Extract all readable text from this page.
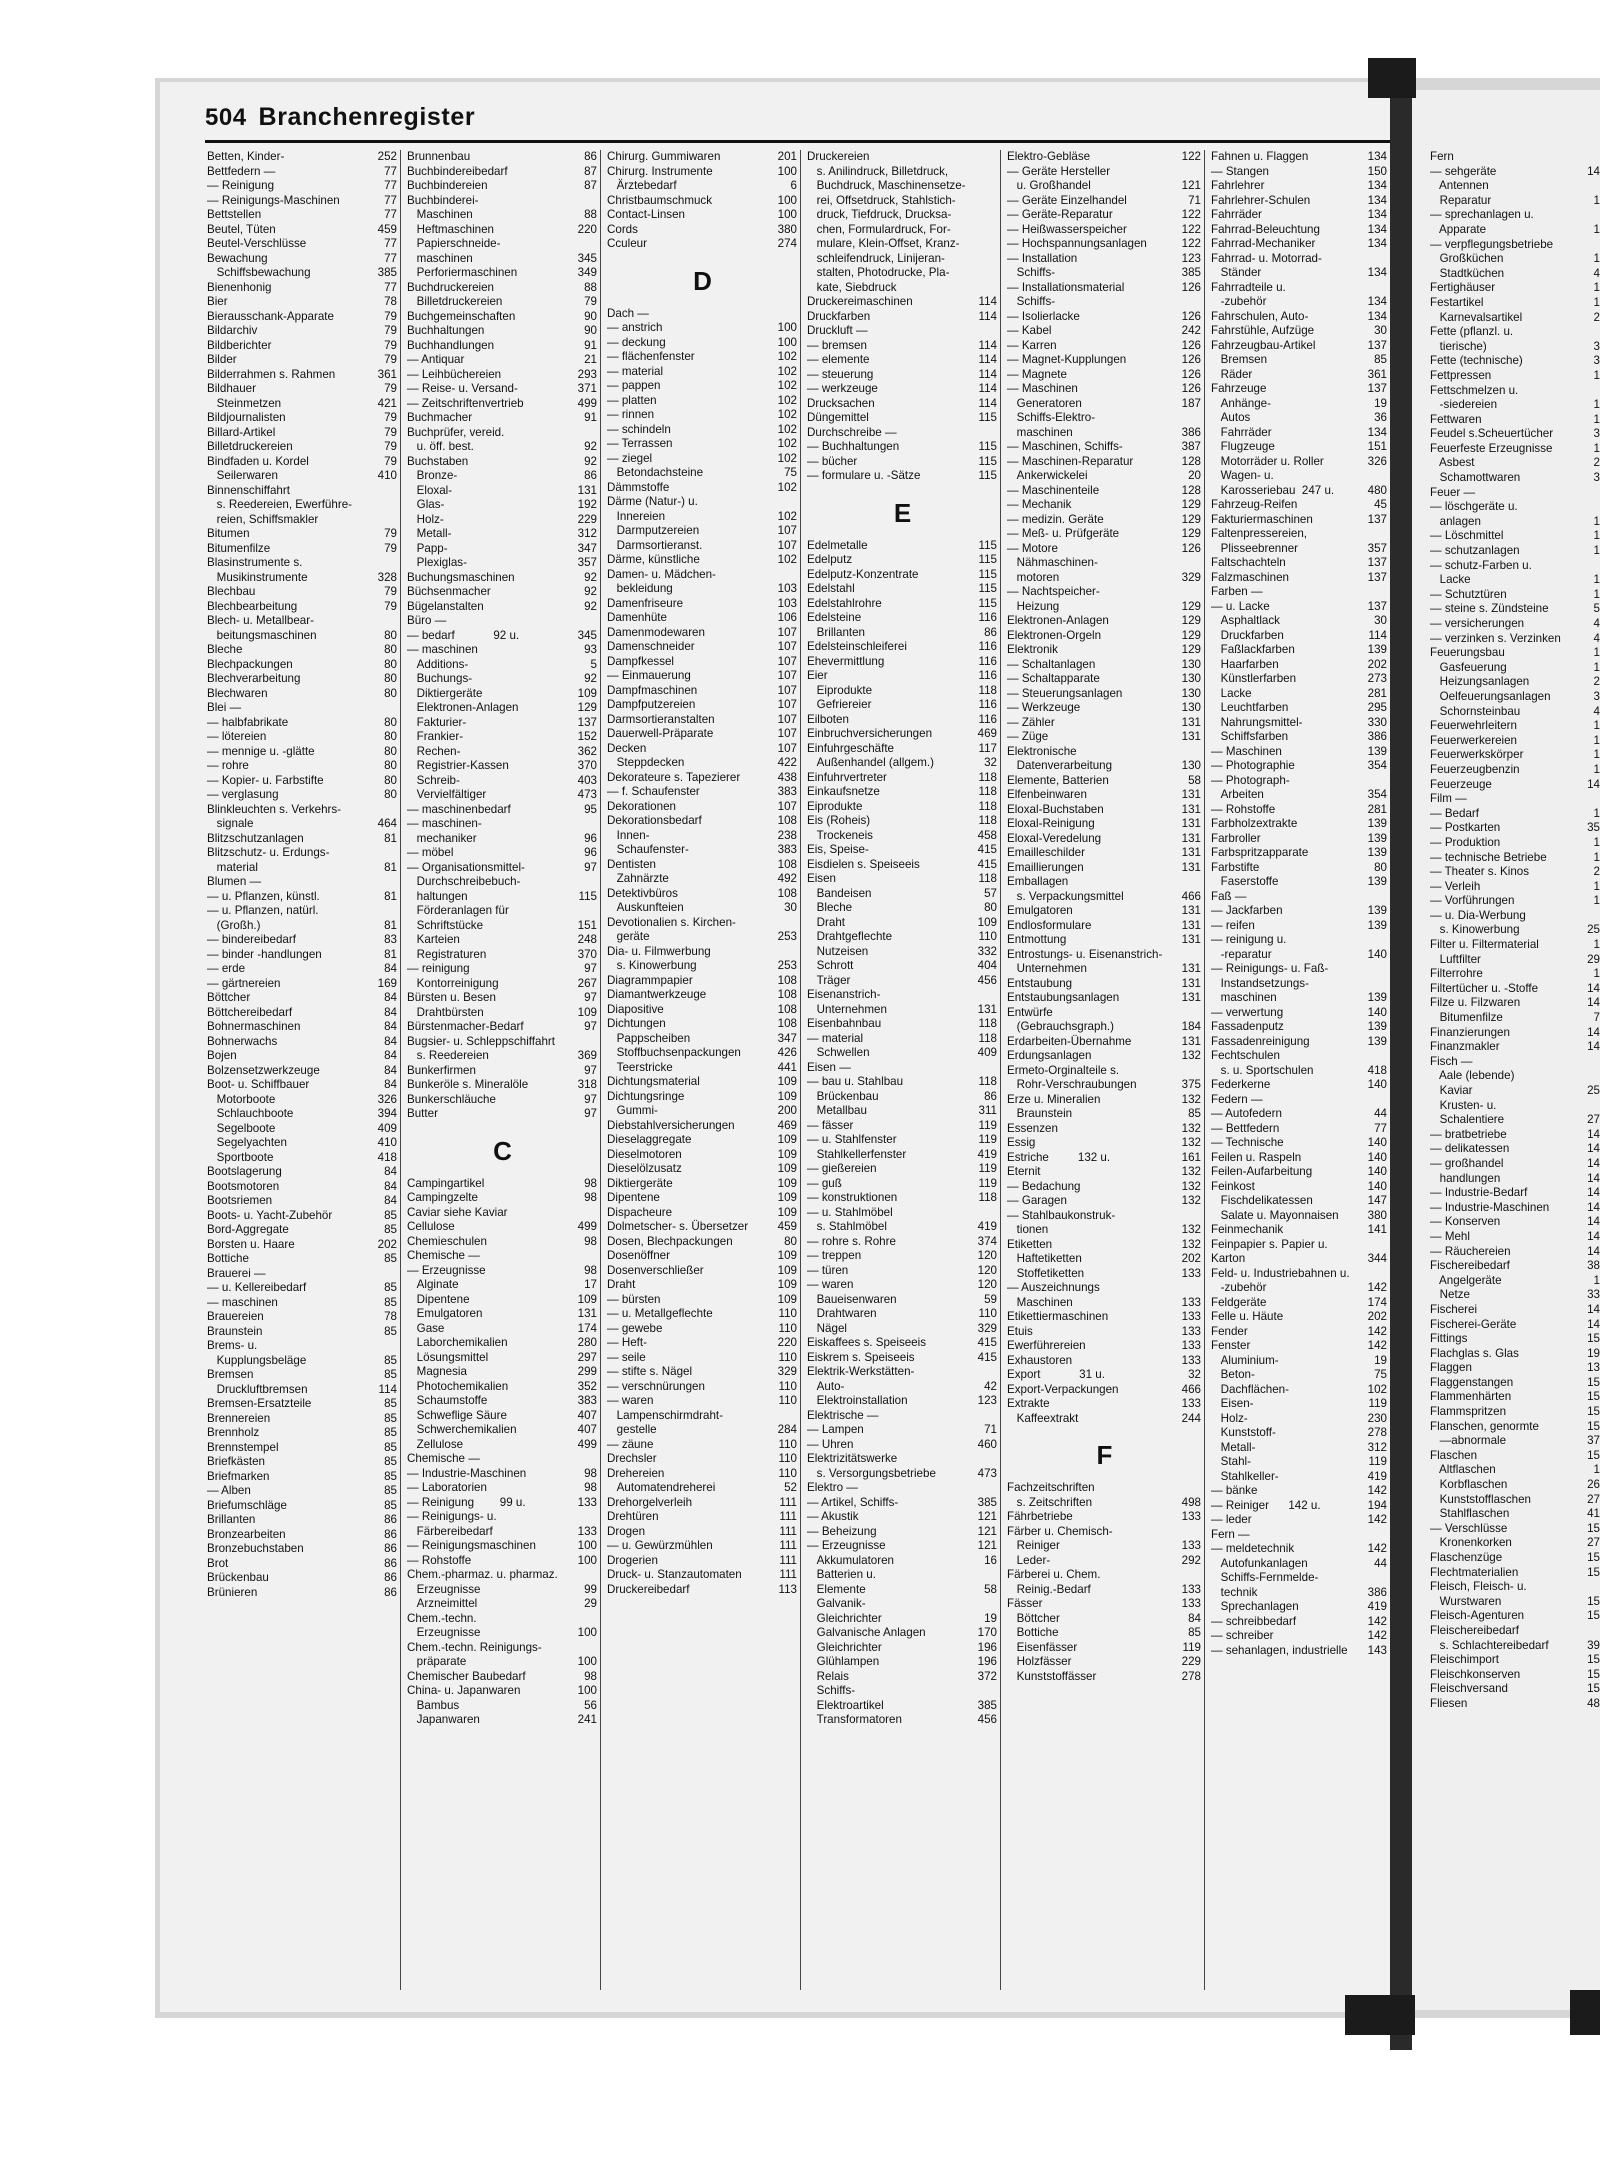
504 Branchenregister
Betten, Kinder-	252
Bettfedern —	77
— Reinigung	77
— Reinigungs-Maschinen	77
Bettstellen	77
Beutel, Tüten	459
Beutel-Verschlüsse	77
Bewachung	77
Schiffsbewachung	385
Bienenhonig	77
Bier	78
Bierausschank-Apparate	79
Bildarchiv	79
Bildberichter	79
Bilder	79
Bilderrahmen s. Rahmen	361
Bildhauer	79
Steinmetzen	421
Bildjournalisten	79
Billard-Artikel	79
Billetdruckereien	79
Bindfaden u. Kordel	79
Seilerwaren	410
Binnenschiffahrt
s. Reedereien, Ewerführe-
reien, Schiffsmakler
Bitumen	79
Bitumenfilze	79
Blasinstrumente s.
Musikinstrumente	328
Blechbau	79
Blechbearbeitung	79
Blech- u. Metallbear-
beitungsmaschinen	80
Bleche	80
Blechpackungen	80
Blechverarbeitung	80
Blechwaren	80
Blei —
— halbfabrikate	80
— lötereien	80
— mennige u. -glätte	80
— rohre	80
— Kopier- u. Farbstifte	80
— verglasung	80
Blinkleuchten s. Verkehrs-
signale	464
Blitzschutzanlagen	81
Blitzschutz- u. Erdungs-
material	81
Blumen —
— u. Pflanzen, künstl.	81
— u. Pflanzen, natürl.
(Großh.)	81
— bindereibedarf	83
— binder -handlungen	81
— erde	84
— gärtnereien	169
Böttcher	84
Böttchereibedarf	84
Bohnermaschinen	84
Bohnerwachs	84
Bojen	84
Bolzensetzwerkzeuge	84
Boot- u. Schiffbauer	84
Motorboote	326
Schlauchboote	394
Segelboote	409
Segelyachten	410
Sportboote	418
Bootslagerung	84
Bootsmotoren	84
Bootsriemen	84
Boots- u. Yacht-Zubehör	85
Bord-Aggregate	85
Borsten u. Haare	202
Bottiche	85
Brauerei —
— u. Kellereibedarf	85
— maschinen	85
Brauereien	78
Braunstein	85
Brems- u.
Kupplungsbeläge	85
Bremsen	85
Druckluftbremsen	114
Bremsen-Ersatzteile	85
Brennereien	85
Brennholz	85
Brennstempel	85
Briefkästen	85
Briefmarken	85
— Alben	85
Briefumschläge	85
Brillanten	86
Bronzearbeiten	86
Bronzebuchstaben	86
Brot	86
Brückenbau	86
Brünieren	86
Brunnenbau	86
Buchbindereibedarf	87
Buchbindereien	87
Buchbinderei-
Maschinen	88
Heftmaschinen	220
Papierschneide-
maschinen	345
Perforiermaschinen	349
Buchdruckereien	88
Billetdruckereien	79
Buchgemeinschaften	90
Buchhaltungen	90
Buchhandlungen	91
— Antiquar	21
— Leihbüchereien	293
— Reise- u. Versand-	371
— Zeitschriftenvertrieb	499
Buchmacher	91
Buchprüfer, vereid.
u. öff. best.	92
Buchstaben	92
Bronze-	86
Eloxal-	131
Glas-	192
Holz-	229
Metall-	312
Papp-	347
Plexiglas-	357
Buchungsmaschinen	92
Büchsenmacher	92
Bügelanstalten	92
Büro —
— bedarf            92 u.	345
— maschinen	93
Additions-	5
Buchungs-	92
Diktiergeräte	109
Elektronen-Anlagen	129
Fakturier-	137
Frankier-	152
Rechen-	362
Registrier-Kassen	370
Schreib-	403
Vervielfältiger	473
— maschinenbedarf	95
— maschinen-
mechaniker	96
— möbel	96
— Organisationsmittel-	97
Durchschreibebuch-
haltungen	115
Förderanlagen für
Schriftstücke	151
Karteien	248
Registraturen	370
— reinigung	97
Kontorreinigung	267
Bürsten u. Besen	97
Drahtbürsten	109
Bürstenmacher-Bedarf	97
Bugsier- u. Schleppschiffahrt
s. Reedereien	369
Bunkerfirmen	97
Bunkeröle s. Mineralöle	318
Bunkerschläuche	97
Butter	97
C
Campingartikel	98
Campingzelte	98
Caviar siehe Kaviar
Cellulose	499
Chemieschulen	98
Chemische —
— Erzeugnisse	98
Alginate	17
Dipentene	109
Emulgatoren	131
Gase	174
Laborchemikalien	280
Lösungsmittel	297
Magnesia	299
Photochemikalien	352
Schaumstoffe	383
Schweflige Säure	407
Schwerchemikalien	407
Zellulose	499
Chemische —
— Industrie-Maschinen	98
— Laboratorien	98
— Reinigung        99 u.	133
— Reinigungs- u.
Färbereibedarf	133
— Reinigungsmaschinen	100
— Rohstoffe	100
Chem.-pharmaz. u. pharmaz.
Erzeugnisse	99
Arzneimittel	29
Chem.-techn.
Erzeugnisse	100
Chem.-techn. Reinigungs-
präparate	100
Chemischer Baubedarf	98
China- u. Japanwaren	100
Bambus	56
Japanwaren	241
Chirurg. Gummiwaren	201
Chirurg. Instrumente	100
Ärztebedarf	6
Christbaumschmuck	100
Contact-Linsen	100
Cords	380
Cculeur	274
D
Dach —
— anstrich	100
— deckung	100
— flächenfenster	102
— material	102
— pappen	102
— platten	102
— rinnen	102
— schindeln	102
— Terrassen	102
— ziegel	102
Betondachsteine	75
Dämmstoffe	102
Därme (Natur-) u.
Innereien	102
Darmputzereien	107
Darmsortieranst.	107
Därme, künstliche	102
Damen- u. Mädchen-
bekleidung	103
Damenfriseure	103
Damenhüte	106
Damenmodewaren	107
Damenschneider	107
Dampfkessel	107
— Einmauerung	107
Dampfmaschinen	107
Dampfputzereien	107
Darmsortieranstalten	107
Dauerwell-Präparate	107
Decken	107
Steppdecken	422
Dekorateure s. Tapezierer	438
— f. Schaufenster	383
Dekorationen	107
Dekorationsbedarf	108
Innen-	238
Schaufenster-	383
Dentisten	108
Zahnärzte	492
Detektivbüros	108
Auskunfteien	30
Devotionalien s. Kirchen-
geräte	253
Dia- u. Filmwerbung
s. Kinowerbung	253
Diagrammpapier	108
Diamantwerkzeuge	108
Diapositive	108
Dichtungen	108
Pappscheiben	347
Stoffbuchsenpackungen	426
Teerstricke	441
Dichtungsmaterial	109
Dichtungsringe	109
Gummi-	200
Diebstahlversicherungen	469
Dieselaggregate	109
Dieselmotoren	109
Dieselölzusatz	109
Diktiergeräte	109
Dipentene	109
Dispacheure	109
Dolmetscher- s. Übersetzer	459
Dosen, Blechpackungen	80
Dosenöffner	109
Dosenverschließer	109
Draht	109
— bürsten	109
— u. Metallgeflechte	110
— gewebe	110
— Heft-	220
— seile	110
— stifte s. Nägel	329
— verschnürungen	110
— waren	110
Lampenschirmdraht-
gestelle	284
— zäune	110
Drechsler	110
Drehereien	110
Automatendreherei	52
Drehorgelverleih	111
Drehtüren	111
Drogen	111
— u. Gewürzmühlen	111
Drogerien	111
Druck- u. Stanzautomaten	111
Druckereibedarf	113
Druckereien
s. Anilindruck, Billetdruck,
Buchdruck, Maschinensetze-
rei, Offsetdruck, Stahlstich-
druck, Tiefdruck, Drucksa-
chen, Formulardruck, For-
mulare, Klein-Offset, Kranz-
schleifendruck, Linijeran-
stalten, Photodrucke, Pla-
kate, Siebdruck
Druckereimaschinen	114
Druckfarben	114
Druckluft —
— bremsen	114
— elemente	114
— steuerung	114
— werkzeuge	114
Drucksachen	114
Düngemittel	115
Durchschreibe —
— Buchhaltungen	115
— bücher	115
— formulare u. -Sätze	115
E
Edelmetalle	115
Edelputz	115
Edelputz-Konzentrate	115
Edelstahl	115
Edelstahlrohre	115
Edelsteine	116
Brillanten	86
Edelsteinschleiferei	116
Ehevermittlung	116
Eier	116
Eiprodukte	118
Gefriereier	116
Eilboten	116
Einbruchversicherungen	469
Einfuhrgeschäfte	117
Außenhandel (allgem.)	32
Einfuhrvertreter	118
Einkaufsnetze	118
Eiprodukte	118
Eis (Roheis)	118
Trockeneis	458
Eis, Speise-	415
Eisdielen s. Speiseeis	415
Eisen	118
Bandeisen	57
Bleche	80
Draht	109
Drahtgeflechte	110
Nutzeisen	332
Schrott	404
Träger	456
Eisenanstrich-
Unternehmen	131
Eisenbahnbau	118
— material	118
Schwellen	409
Eisen —
— bau u. Stahlbau	118
Brückenbau	86
Metallbau	311
— fässer	119
— u. Stahlfenster	119
Stahlkellerfenster	419
— gießereien	119
— guß	119
— konstruktionen	118
— u. Stahlmöbel
s. Stahlmöbel	419
— rohre s. Rohre	374
— treppen	120
— türen	120
— waren	120
Baueisenwaren	59
Drahtwaren	110
Nägel	329
Eiskaffees s. Speiseeis	415
Eiskrem s. Speiseeis	415
Elektrik-Werkstätten-
Auto-	42
Elektroinstallation	123
Elektrische —
— Lampen	71
— Uhren	460
Elektrizitätswerke
s. Versorgungsbetriebe	473
Elektro —
— Artikel, Schiffs-	385
— Akustik	121
— Beheizung	121
— Erzeugnisse	121
Akkumulatoren	16
Batterien u.
Elemente	58
Galvanik-
Gleichrichter	19
Galvanische Anlagen	170
Gleichrichter	196
Glühlampen	196
Relais	372
Schiffs-
Elektroartikel	385
Transformatoren	456
Elektro-Gebläse	122
— Geräte Hersteller
u. Großhandel	121
— Geräte Einzelhandel	71
— Geräte-Reparatur	122
— Heißwasserspeicher	122
— Hochspannungsanlagen	122
— Installation	123
Schiffs-	385
— Installationsmaterial	126
Schiffs-
— Isolierlacke	126
— Kabel	242
— Karren	126
— Magnet-Kupplungen	126
— Magnete	126
— Maschinen	126
Generatoren	187
Schiffs-Elektro-
maschinen	386
— Maschinen, Schiffs-	387
— Maschinen-Reparatur	128
Ankerwickelei	20
— Maschinenteile	128
— Mechanik	129
— medizin. Geräte	129
— Meß- u. Prüfgeräte	129
— Motore	126
Nähmaschinen-
motoren	329
— Nachtspeicher-
Heizung	129
Elektronen-Anlagen	129
Elektronen-Orgeln	129
Elektronik	129
— Schaltanlagen	130
— Schaltapparate	130
— Steuerungsanlagen	130
— Werkzeuge	130
— Zähler	131
— Züge	131
Elektronische
Datenverarbeitung	130
Elemente, Batterien	58
Elfenbeinwaren	131
Eloxal-Buchstaben	131
Eloxal-Reinigung	131
Eloxal-Veredelung	131
Emailleschilder	131
Emaillierungen	131
Emballagen
s. Verpackungsmittel	466
Emulgatoren	131
Endlosformulare	131
Entmottung	131
Entrostungs- u. Eisenanstrich-
Unternehmen	131
Entstaubung	131
Entstaubungsanlagen	131
Entwürfe
(Gebrauchsgraph.)	184
Erdarbeiten-Übernahme	131
Erdungsanlagen	132
Ermeto-Orginalteile s.
Rohr-Verschraubungen	375
Erze u. Mineralien	132
Braunstein	85
Essenzen	132
Essig	132
Estriche         132 u.	161
Eternit	132
— Bedachung	132
— Garagen	132
— Stahlbaukonstruk-
tionen	132
Etiketten	132
Haftetiketten	202
Stoffetiketten	133
— Auszeichnungs
Maschinen	133
Etikettiermaschinen	133
Etuis	133
Ewerführereien	133
Exhaustoren	133
Export            31 u.	32
Export-Verpackungen	466
Extrakte	133
Kaffeextrakt	244
F
Fachzeitschriften
s. Zeitschriften	498
Fährbetriebe	133
Färber u. Chemisch-
Reiniger	133
Leder-	292
Färberei u. Chem.
Reinig.-Bedarf	133
Fässer	133
Böttcher	84
Bottiche	85
Eisenfässer	119
Holzfässer	229
Kunststoffässer	278
Fahnen u. Flaggen	134
— Stangen	150
Fahrlehrer	134
Fahrlehrer-Schulen	134
Fahrräder	134
Fahrrad-Beleuchtung	134
Fahrrad-Mechaniker	134
Fahrrad- u. Motorrad-
Ständer	134
Fahrradteile u.
-zubehör	134
Fahrschulen, Auto-	134
Fahrstühle, Aufzüge	30
Fahrzeugbau-Artikel	137
Bremsen	85
Räder	361
Fahrzeuge	137
Anhänge-	19
Autos	36
Fahrräder	134
Flugzeuge	151
Motorräder u. Roller	326
Wagen- u.
Karosseriebau  247 u.	480
Fahrzeug-Reifen	45
Fakturiermaschinen	137
Faltenpressereien,
Plisseebrenner	357
Faltschachteln	137
Falzmaschinen	137
Farben —
— u. Lacke	137
Asphaltlack	30
Druckfarben	114
Faßlackfarben	139
Haarfarben	202
Künstlerfarben	273
Lacke	281
Leuchtfarben	295
Nahrungsmittel-	330
Schiffsfarben	386
— Maschinen	139
— Photographie	354
— Photograph-
Arbeiten	354
— Rohstoffe	281
Farbholzextrakte	139
Farbroller	139
Farbspritzapparate	139
Farbstifte	80
Faserstoffe	139
Faß —
— Jackfarben	139
— reifen	139
— reinigung u.
-reparatur	140
— Reinigungs- u. Faß-
Instandsetzungs-
maschinen	139
— verwertung	140
Fassadenputz	139
Fassadenreinigung	139
Fechtschulen
s. u. Sportschulen	418
Federkerne	140
Federn —
— Autofedern	44
— Bettfedern	77
— Technische	140
Feilen u. Raspeln	140
Feilen-Aufarbeitung	140
Feinkost	140
Fischdelikatessen	147
Salate u. Mayonnaisen	380
Feinmechanik	141
Feinpapier s. Papier u. Karton	344
Feld- u. Industriebahnen u.
-zubehör	142
Feldgeräte	174
Felle u. Häute	202
Fender	142
Fenster	142
Aluminium-	19
Beton-	75
Dachflächen-	102
Eisen-	119
Holz-	230
Kunststoff-	278
Metall-	312
Stahl-	119
Stahlkeller-	419
— bänke	142
— Reiniger      142 u.	194
— leder	142
Fern —
— meldetechnik	142
Autofunkanlagen	44
Schiffs-Fernmelde-
technik	386
Sprechanlagen	419
— schreibbedarf	142
— schreiber	142
— sehanlagen, industrielle	143
Fern
— sehgeräte	14
Antennen
Reparatur	1
— sprechanlagen u.
Apparate	1
— verpflegungsbetriebe
Großküchen	1
Stadtküchen	4
Fertighäuser	1
Festartikel	1
Karnevalsartikel	2
Fette (pflanzl. u.
tierische)	3
Fette (technische)	3
Fettpressen	1
Fettschmelzen u.
-siedereien	1
Fettwaren	1
Feudel s.Scheuertücher	3
Feuerfeste Erzeugnisse	1
Asbest	2
Schamottwaren	3
Feuer —
— löschgeräte u.
anlagen	1
— Löschmittel	1
— schutzanlagen	1
— schutz-Farben u.
Lacke	1
— Schutztüren	1
— steine s. Zündsteine	5
— versicherungen	4
— verzinken s. Verzinken	4
Feuerungsbau	1
Gasfeuerung	1
Heizungsanlagen	2
Oelfeuerungsanlagen	3
Schornsteinbau	4
Feuerwehrleitern	1
Feuerwerkereien	1
Feuerwerkskörper	1
Feuerzeugbenzin	1
Feuerzeuge	14
Film —
— Bedarf	1
— Postkarten	35
— Produktion	1
— technische Betriebe	1
— Theater s. Kinos	2
— Verleih	1
— Vorführungen	1
— u. Dia-Werbung
s. Kinowerbung	25
Filter u. Filtermaterial	1
Luftfilter	29
Filterrohre	1
Filtertücher u. -Stoffe	14
Filze u. Filzwaren	14
Bitumenfilze	7
Finanzierungen	14
Finanzmakler	14
Fisch —
Aale (lebende)
Kaviar	25
Krusten- u.
Schalentiere	27
— bratbetriebe	14
— delikatessen	14
— großhandel	14
handlungen	14
— Industrie-Bedarf	14
— Industrie-Maschinen	14
— Konserven	14
— Mehl	14
— Räuchereien	14
Fischereibedarf	38
Angelgeräte	1
Netze	33
Fischerei	14
Fischerei-Geräte	14
Fittings	15
Flachglas s. Glas	19
Flaggen	13
Flaggenstangen	15
Flammenhärten	15
Flammspritzen	15
Flanschen, genormte	15
—abnormale	37
Flaschen	15
Altflaschen	1
Korbflaschen	26
Kunststofflaschen	27
Stahlflaschen	41
— Verschlüsse	15
Kronenkorken	27
Flaschenzüge	15
Flechtmaterialien	15
Fleisch, Fleisch- u.
Wurstwaren	15
Fleisch-Agenturen	15
Fleischereibedarf
s. Schlachtereibedarf	39
Fleischimport	15
Fleischkonserven	15
Fleischversand	15
Fliesen	48
